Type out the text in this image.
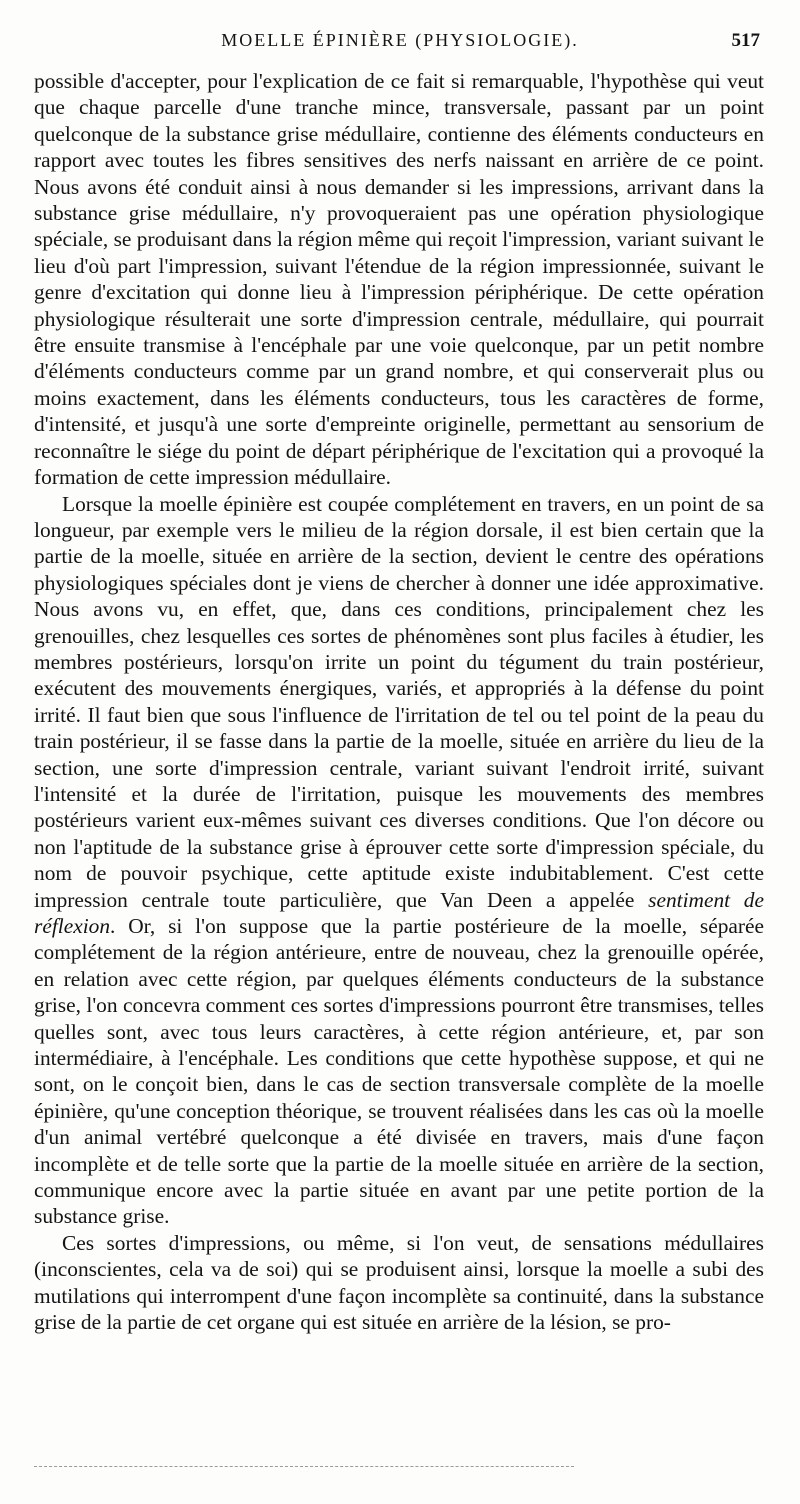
MOELLE ÉPINIÈRE (PHYSIOLOGIE).	517

possible d'accepter, pour l'explication de ce fait si remarquable, l'hypothèse qui veut que chaque parcelle d'une tranche mince, transversale, passant par un point quelconque de la substance grise médullaire, contienne des éléments conducteurs en rapport avec toutes les fibres sensitives des nerfs naissant en arrière de ce point. Nous avons été conduit ainsi à nous demander si les impressions, arrivant dans la substance grise médullaire, n'y provoqueraient pas une opération physiologique spéciale, se produisant dans la région même qui reçoit l'impression, variant suivant le lieu d'où part l'impression, suivant l'étendue de la région impressionnée, suivant le genre d'excitation qui donne lieu à l'impression périphérique. De cette opération physiologique résulterait une sorte d'impression centrale, médullaire, qui pourrait être ensuite transmise à l'encéphale par une voie quelconque, par un petit nombre d'éléments conducteurs comme par un grand nombre, et qui conserverait plus ou moins exactement, dans les éléments conducteurs, tous les caractères de forme, d'intensité, et jusqu'à une sorte d'empreinte originelle, permettant au sensorium de reconnaître le siége du point de départ périphérique de l'excitation qui a provoqué la formation de cette impression médullaire.

Lorsque la moelle épinière est coupée complétement en travers, en un point de sa longueur, par exemple vers le milieu de la région dorsale, il est bien certain que la partie de la moelle, située en arrière de la section, devient le centre des opérations physiologiques spéciales dont je viens de chercher à donner une idée approximative. Nous avons vu, en effet, que, dans ces conditions, principalement chez les grenouilles, chez lesquelles ces sortes de phénomènes sont plus faciles à étudier, les membres postérieurs, lorsqu'on irrite un point du tégument du train postérieur, exécutent des mouvements énergiques, variés, et appropriés à la défense du point irrité. Il faut bien que sous l'influence de l'irritation de tel ou tel point de la peau du train postérieur, il se fasse dans la partie de la moelle, située en arrière du lieu de la section, une sorte d'impression centrale, variant suivant l'endroit irrité, suivant l'intensité et la durée de l'irritation, puisque les mouvements des membres postérieurs varient eux-mêmes suivant ces diverses conditions. Que l'on décore ou non l'aptitude de la substance grise à éprouver cette sorte d'impression spéciale, du nom de pouvoir psychique, cette aptitude existe indubitablement. C'est cette impression centrale toute particulière, que Van Deen a appelée sentiment de réflexion. Or, si l'on suppose que la partie postérieure de la moelle, séparée complétement de la région antérieure, entre de nouveau, chez la grenouille opérée, en relation avec cette région, par quelques éléments conducteurs de la substance grise, l'on concevra comment ces sortes d'impressions pourront être transmises, telles quelles sont, avec tous leurs caractères, à cette région antérieure, et, par son intermédiaire, à l'encéphale. Les conditions que cette hypothèse suppose, et qui ne sont, on le conçoit bien, dans le cas de section transversale complète de la moelle épinière, qu'une conception théorique, se trouvent réalisées dans les cas où la moelle d'un animal vertébré quelconque a été divisée en travers, mais d'une façon incomplète et de telle sorte que la partie de la moelle située en arrière de la section, communique encore avec la partie située en avant par une petite portion de la substance grise.

Ces sortes d'impressions, ou même, si l'on veut, de sensations médullaires (inconscientes, cela va de soi) qui se produisent ainsi, lorsque la moelle a subi des mutilations qui interrompent d'une façon incomplète sa continuité, dans la substance grise de la partie de cet organe qui est située en arrière de la lésion, se pro-
